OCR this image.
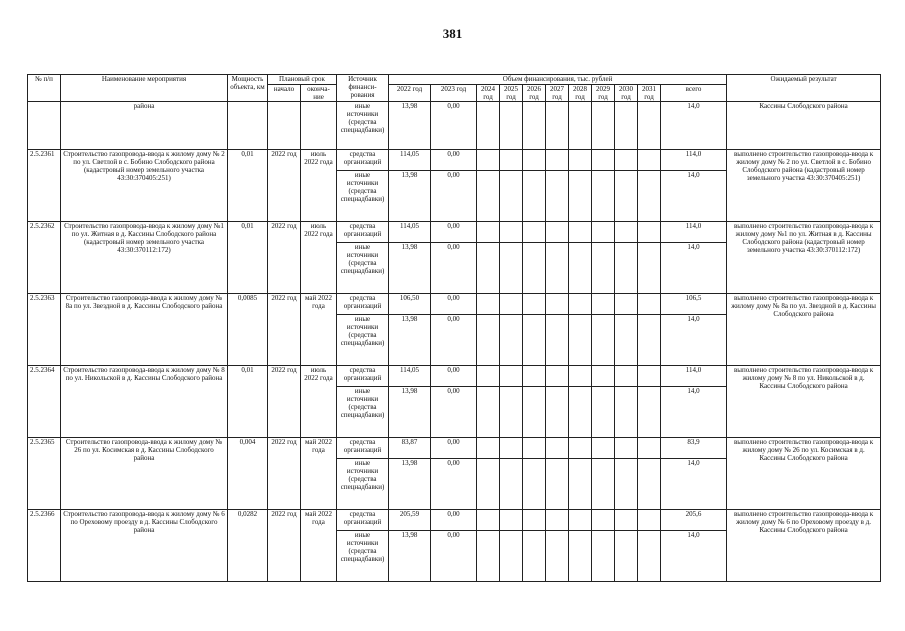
381
№ п/п	Наименование мероприятия	Мощность объекта, км	Плановый срок		Источник финанси- рования	Объем финансирования, тыс. рублей											Ожидаемый результат
			начало	оконча- ние		2022 год	2023 год	2024 год	2025 год	2026 год	2027 год	2028 год	2029 год	2030 год	2031 год	всего	

	района				иные источники (средства спецнадбавки)	13,98	0,00									14,0	Кассины Слободского района
2.5.2361	Строительство газопровода-ввода к жилому дому № 2 по ул. Светлой в с. Бобино Слободского района (кадастровый номер земельного участка 43:30:370405:251)	0,01	2022 год	июль 2022 года	средства организаций	114,05	0,00									114,0	выполнено строительство газопровода-ввода к жилому дому № 2 по ул. Светлой в с. Бобино Слободского района (кадастровый номер земельного участка 43:30:370405:251)
					иные источники (средства спецнадбавки)	13,98	0,00									14,0	
2.5.2362	Строительство газопровода-ввода к жилому дому №1 по ул. Житная в д. Кассины Слободского района (кадастровый номер земельного участка 43:30:370112:172)	0,01	2022 год	июль 2022 года	средства организаций	114,05	0,00									114,0	выполнено строительство газопровода-ввода к жилому дому №1 по ул. Житная в д. Кассины Слободского района (кадастровый номер земельного участка 43:30:370112:172)
					иные источники (средства спецнадбавки)	13,98	0,00									14,0	
2.5.2363	Строительство газопровода-ввода к жилому дому № 8а по ул. Звездной в д. Кассины Слободского района	0,0085	2022 год	май 2022 года	средства организаций	106,50	0,00									106,5	выполнено строительство газопровода-ввода к жилому дому № 8а по ул. Звездной в д. Кассины Слободского района
					иные источники (средства спецнадбавки)	13,98	0,00									14,0	
2.5.2364	Строительство газопровода-ввода к жилому дому № 8 по ул. Никольской в д. Кассины Слободского района	0,01	2022 год	июль 2022 года	средства организаций	114,05	0,00									114,0	выполнено строительство газопровода-ввода к жилому дому № 8 по ул. Никольской в д. Кассины Слободского района
					иные источники (средства спецнадбавки)	13,98	0,00									14,0	
2.5.2365	Строительство газопровода-ввода к жилому дому № 26 по ул. Косимская в д. Кассины Слободского района	0,004	2022 год	май 2022 года	средства организаций	83,87	0,00									83,9	выполнено строительство газопровода-ввода к жилому дому № 26 по ул. Косимская в д. Кассины Слободского района
					иные источники (средства спецнадбавки)	13,98	0,00									14,0	
2.5.2366	Строительство газопровода-ввода к жилому дому № 6 по Ореховому проезду в д. Кассины Слободского района	0,0282	2022 год	май 2022 года	средства организаций	205,59	0,00									205,6	выполнено строительство газопровода-ввода к жилому дому № 6 по Ореховому проезду в д. Кассины Слободского района
					иные источники (средства спецнадбавки)	13,98	0,00									14,0	
